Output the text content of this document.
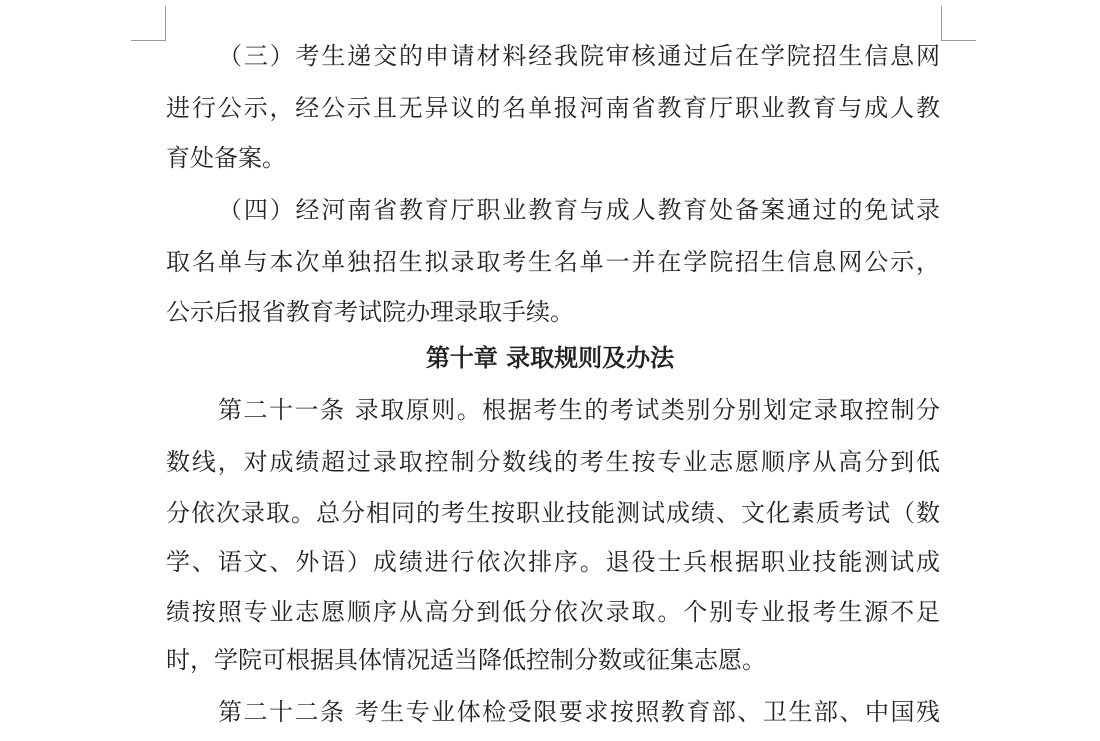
（三）考生递交的申请材料经我院审核通过后在学院招生信息网
进行公示，经公示且无异议的名单报河南省教育厅职业教育与成人教
育处备案。
（四）经河南省教育厅职业教育与成人教育处备案通过的免试录
取名单与本次单独招生拟录取考生名单一并在学院招生信息网公示，
公示后报省教育考试院办理录取手续。
第十章 录取规则及办法
第二十一条 录取原则。根据考生的考试类别分别划定录取控制分
数线，对成绩超过录取控制分数线的考生按专业志愿顺序从高分到低
分依次录取。总分相同的考生按职业技能测试成绩、文化素质考试（数
学、语文、外语）成绩进行依次排序。退役士兵根据职业技能测试成
绩按照专业志愿顺序从高分到低分依次录取。个别专业报考生源不足
时，学院可根据具体情况适当降低控制分数或征集志愿。
第二十二条 考生专业体检受限要求按照教育部、卫生部、中国残
